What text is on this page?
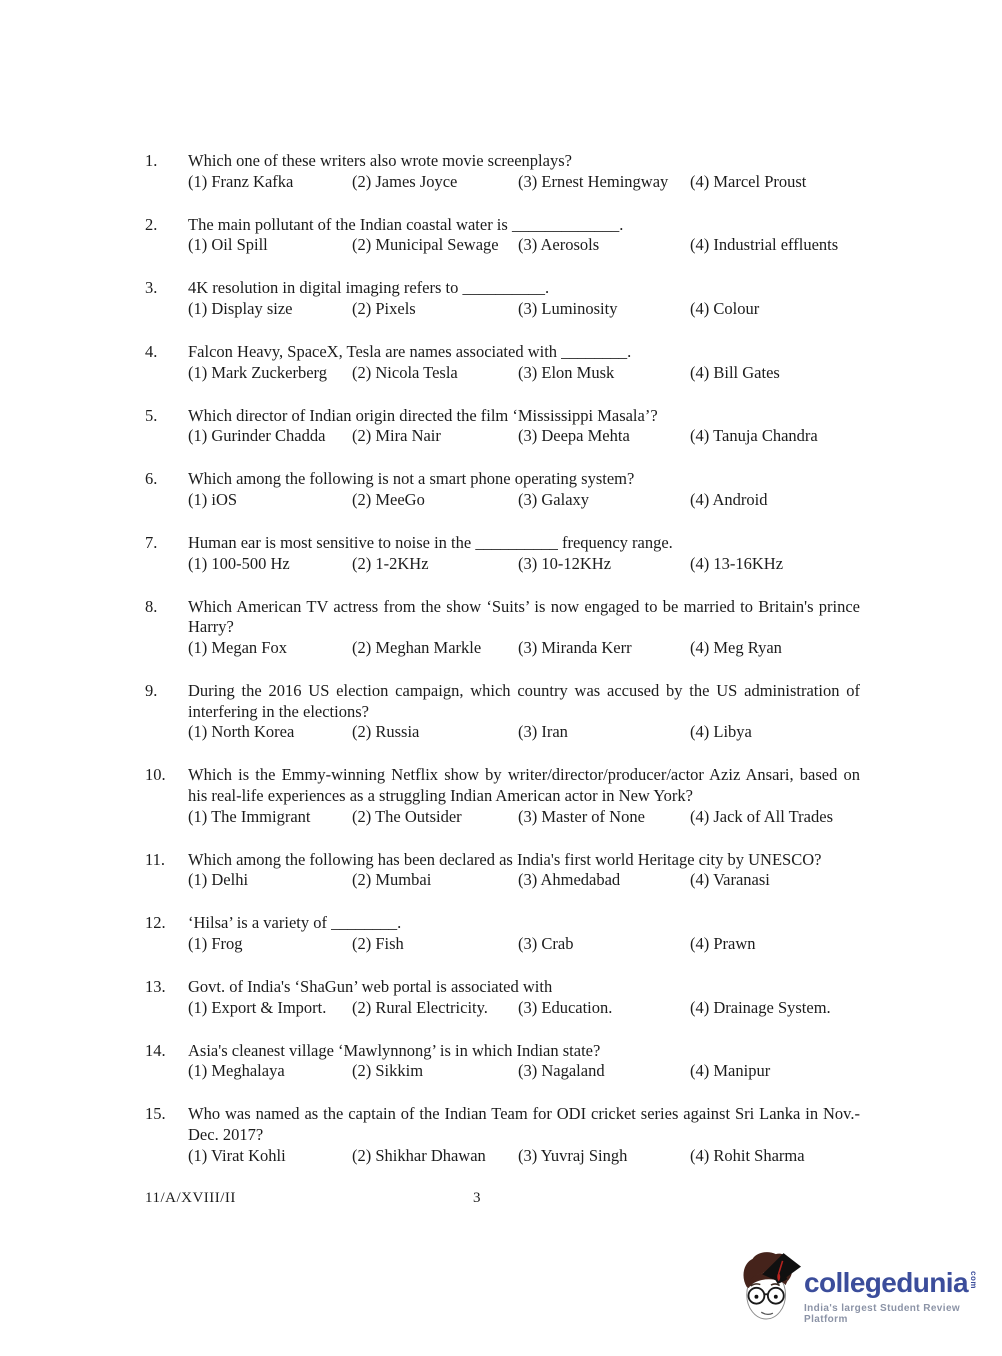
1.	Which one of these writers also wrote movie screenplays?

(1) Franz Kafka	(2) James Joyce	(3) Ernest Hemingway	(4) Marcel Proust
2.	The main pollutant of the Indian coastal water is _____________.

(1) Oil Spill	(2) Municipal Sewage	(3) Aerosols	(4) Industrial effluents
3.	4K resolution in digital imaging refers to __________.

(1) Display size	(2) Pixels	(3) Luminosity	(4) Colour
4.	Falcon Heavy, SpaceX, Tesla are names associated with ________.

(1) Mark Zuckerberg	(2) Nicola Tesla	(3) Elon Musk	(4) Bill Gates
5.	Which director of Indian origin directed the film ‘Mississippi Masala’?

(1) Gurinder Chadda	(2) Mira Nair	(3) Deepa Mehta	(4) Tanuja Chandra
6.	Which among the following is not a smart phone operating system?

(1) iOS	(2) MeeGo	(3) Galaxy	(4) Android
7.	Human ear is most sensitive to noise in the __________ frequency range.

(1) 100-500 Hz	(2) 1-2KHz	(3) 10-12KHz	(4) 13-16KHz
8.	Which American TV actress from the show ‘Suits’ is now engaged to be married to Britain's prince Harry?

(1) Megan Fox	(2) Meghan Markle	(3) Miranda Kerr	(4) Meg Ryan
9.	During the 2016 US election campaign, which country was accused by the US administration of interfering in the elections?

(1) North Korea	(2) Russia	(3) Iran	(4) Libya
10.	Which is the Emmy-winning Netflix show by writer/director/producer/actor Aziz Ansari, based on his real-life experiences as a struggling Indian American actor in New York?

(1) The Immigrant	(2) The Outsider	(3) Master of None	(4) Jack of All Trades
11.	Which among the following has been declared as India's first world Heritage city by UNESCO?

(1) Delhi	(2) Mumbai	(3) Ahmedabad	(4) Varanasi
12.	‘Hilsa’ is a variety of ________.

(1) Frog	(2) Fish	(3) Crab	(4) Prawn
13.	Govt. of India's ‘ShaGun’ web portal is associated with

(1) Export & Import.	(2) Rural Electricity.	(3) Education.	(4) Drainage System.
14.	Asia's cleanest village ‘Mawlynnong’ is in which Indian state?

(1) Meghalaya	(2) Sikkim	(3) Nagaland	(4) Manipur
15.	Who was named as the captain of the Indian Team for ODI cricket series against Sri Lanka in Nov.-Dec. 2017?

(1) Virat Kohli	(2) Shikhar Dhawan	(3) Yuvraj Singh	(4) Rohit Sharma
11/A/XVIII/II	3
collegedunia com
India's largest Student Review Platform
